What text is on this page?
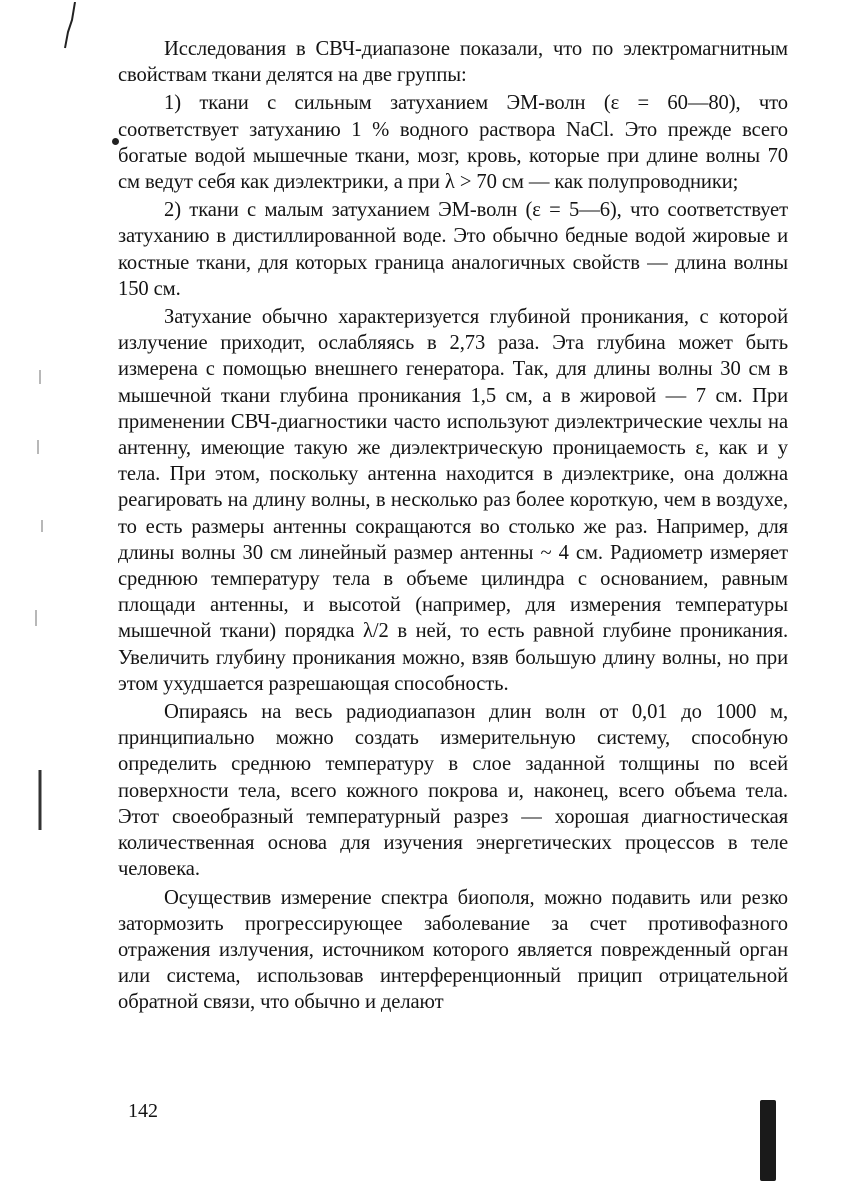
Исследования в СВЧ-диапазоне показали, что по электромагнитным свойствам ткани делятся на две группы:

1) ткани с сильным затуханием ЭМ-волн (ε = 60—80), что соответствует затуханию 1 % водного раствора NaCl. Это прежде всего богатые водой мышечные ткани, мозг, кровь, которые при длине волны 70 см ведут себя как диэлектрики, а при λ > 70 см — как полупроводники;

2) ткани с малым затуханием ЭМ-волн (ε = 5—6), что соответствует затуханию в дистиллированной воде. Это обычно бедные водой жировые и костные ткани, для которых граница аналогичных свойств — длина волны 150 см.

Затухание обычно характеризуется глубиной проникания, с которой излучение приходит, ослабляясь в 2,73 раза. Эта глубина может быть измерена с помощью внешнего генератора. Так, для длины волны 30 см в мышечной ткани глубина проникания 1,5 см, а в жировой — 7 см. При применении СВЧ-диагностики часто используют диэлектрические чехлы на антенну, имеющие такую же диэлектрическую проницаемость ε, как и у тела. При этом, поскольку антенна находится в диэлектрике, она должна реагировать на длину волны, в несколько раз более короткую, чем в воздухе, то есть размеры антенны сокращаются во столько же раз. Например, для длины волны 30 см линейный размер антенны ~ 4 см. Радиометр измеряет среднюю температуру тела в объеме цилиндра с основанием, равным площади антенны, и высотой (например, для измерения температуры мышечной ткани) порядка λ/2 в ней, то есть равной глубине проникания. Увеличить глубину проникания можно, взяв большую длину волны, но при этом ухудшается разрешающая способность.

Опираясь на весь радиодиапазон длин волн от 0,01 до 1000 м, принципиально можно создать измерительную систему, способную определить среднюю температуру в слое заданной толщины по всей поверхности тела, всего кожного покрова и, наконец, всего объема тела. Этот своеобразный температурный разрез — хорошая диагностическая количественная основа для изучения энергетических процессов в теле человека.

Осуществив измерение спектра биополя, можно подавить или резко затормозить прогрессирующее заболевание за счет противофазного отражения излучения, источником которого является поврежденный орган или система, использовав интерференционный прицип отрицательной обратной связи, что обычно и делают

142
